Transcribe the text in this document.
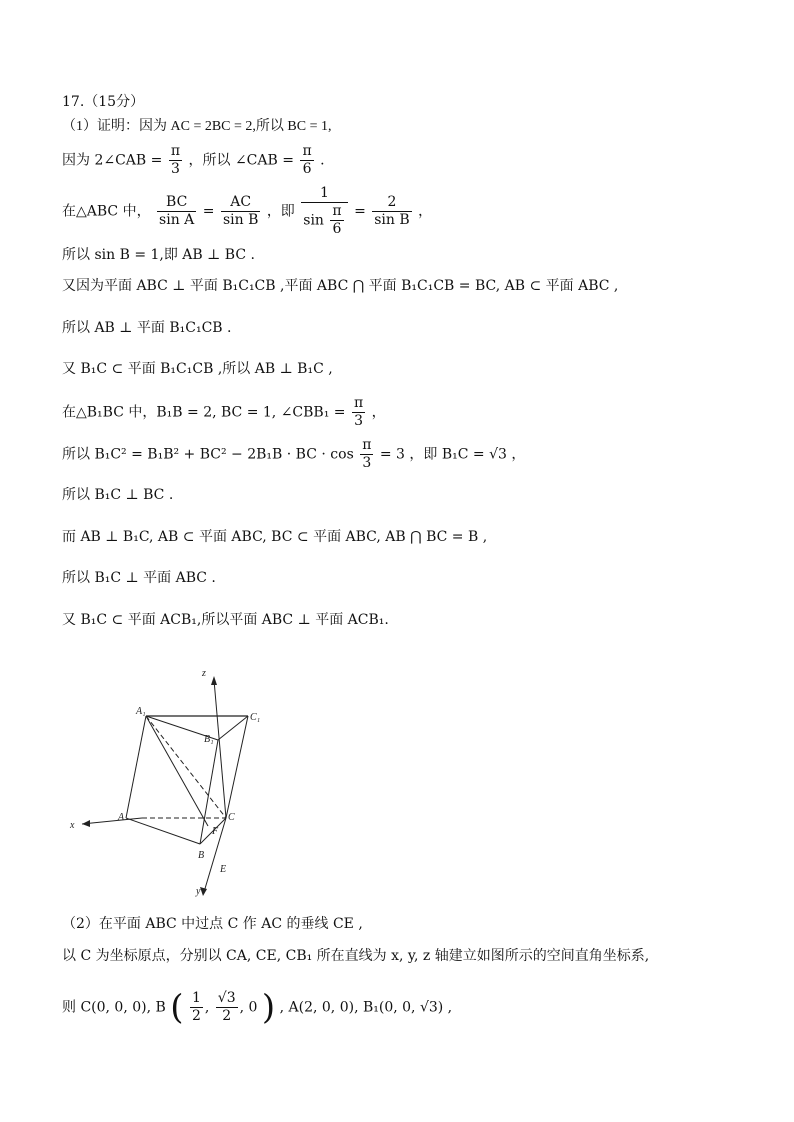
17.（15分）
（1）证明：因为 AC = 2BC = 2,所以 BC = 1,
因为 2∠CAB = $\frac{\pi}{3}$ ，所以 ∠CAB = $\frac{\pi}{6}$ .
在△ABC 中， $\frac{BC}{\text{sin A}} = \frac{AC}{\text{sin B}}$ ，即 $\frac{1}{\sin \frac{\pi}{6}} = \frac{2}{\text{sin B}}$ ，
所以 sin B = 1,即 AB ⊥ BC .
又因为平面 ABC ⊥ 平面 B₁C₁CB ,平面 ABC ⋂ 平面 B₁C₁CB = BC, AB ⊂ 平面 ABC ,
所以 AB ⊥ 平面 B₁C₁CB .
又 B₁C ⊂ 平面 B₁C₁CB ,所以 AB ⊥ B₁C ,
在△B₁BC 中，B₁B = 2, BC = 1, ∠CBB₁ = $\frac{\pi}{3}$ ，
所以 B₁C² = B₁B² + BC² − 2B₁B · BC · $\cos \frac{\pi}{3} = 3$ ，即 B₁C = √3 ，
所以 B₁C ⊥ BC .
而 AB ⊥ B₁C, AB ⊂ 平面 ABC, BC ⊂ 平面 ABC, AB ⋂ BC = B ,
所以 B₁C ⊥ 平面 ABC .
又 B₁C ⊂ 平面 ACB₁,所以平面 ABC ⊥ 平面 ACB₁.
z
A₁
C₁
B₁
x
A	C
F
B
E
y
（2）在平面 ABC 中过点 C 作 AC 的垂线 CE ,
以 C 为坐标原点，分别以 CA, CE, CB₁ 所在直线为 x, y, z 轴建立如图所示的空间直角坐标系,
则 C(0, 0, 0), B ( $\frac{1}{2}$ , $\frac{√3}{2}$ , 0 ) , A(2, 0, 0), B₁(0, 0, √3) ,
